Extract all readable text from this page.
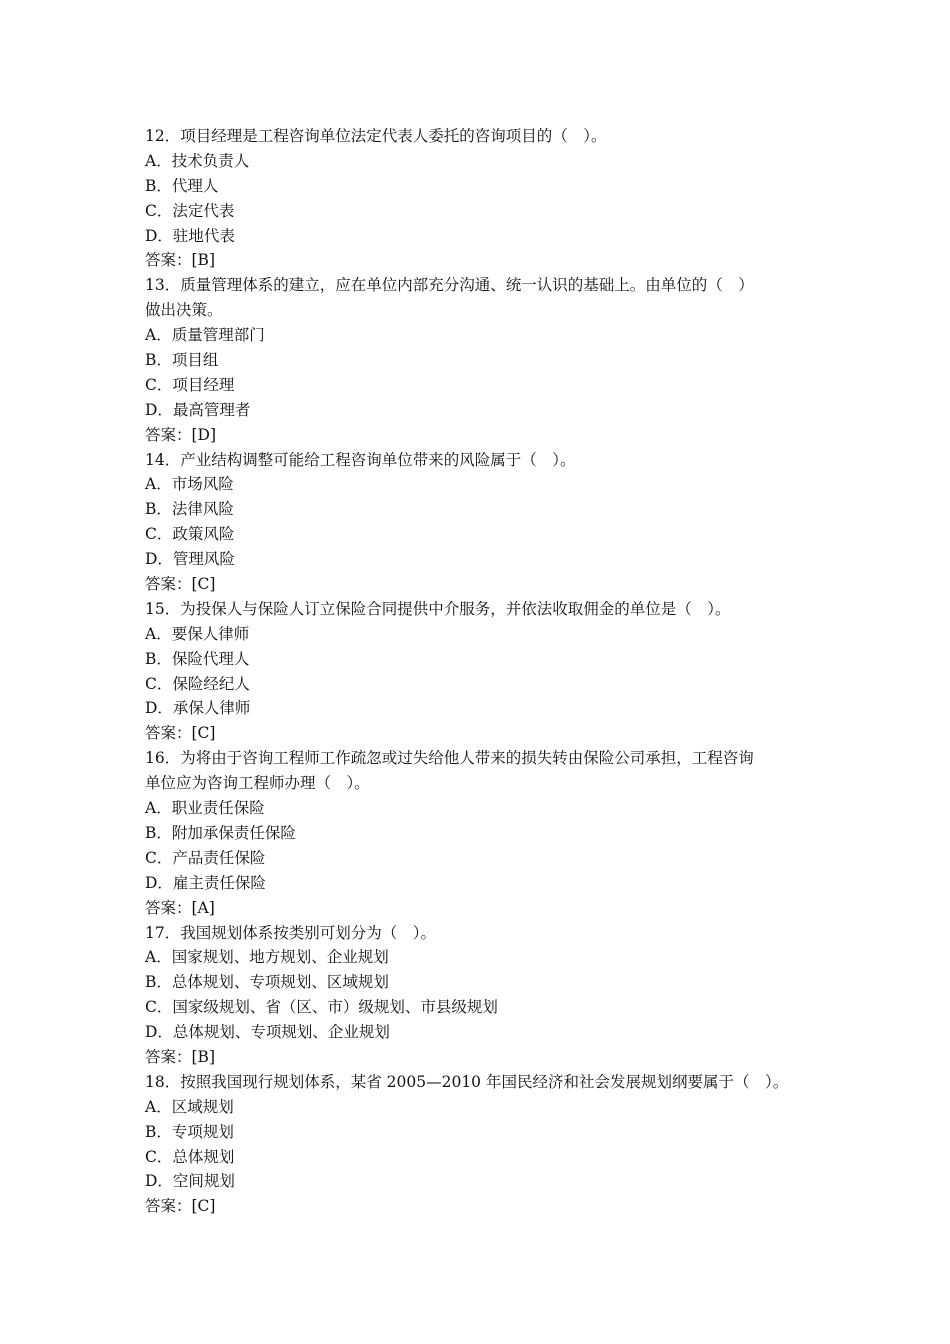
12．项目经理是工程咨询单位法定代表人委托的咨询项目的（　）。
A．技术负责人
B．代理人
C．法定代表
D．驻地代表
答案：[B]
13．质量管理体系的建立，应在单位内部充分沟通、统一认识的基础上。由单位的（　）
做出决策。
A．质量管理部门
B．项目组
C．项目经理
D．最高管理者
答案：[D]
14．产业结构调整可能给工程咨询单位带来的风险属于（　）。
A．市场风险
B．法律风险
C．政策风险
D．管理风险
答案：[C]
15．为投保人与保险人订立保险合同提供中介服务，并依法收取佣金的单位是（　）。
A．要保人律师
B．保险代理人
C．保险经纪人
D．承保人律师
答案：[C]
16．为将由于咨询工程师工作疏忽或过失给他人带来的损失转由保险公司承担，工程咨询
单位应为咨询工程师办理（　）。
A．职业责任保险
B．附加承保责任保险
C．产品责任保险
D．雇主责任保险
答案：[A]
17．我国规划体系按类别可划分为（　）。
A．国家规划、地方规划、企业规划
B．总体规划、专项规划、区域规划
C．国家级规划、省（区、市）级规划、市县级规划
D．总体规划、专项规划、企业规划
答案：[B]
18．按照我国现行规划体系，某省 2005—2010 年国民经济和社会发展规划纲要属于（　）。
A．区域规划
B．专项规划
C．总体规划
D．空间规划
答案：[C]
